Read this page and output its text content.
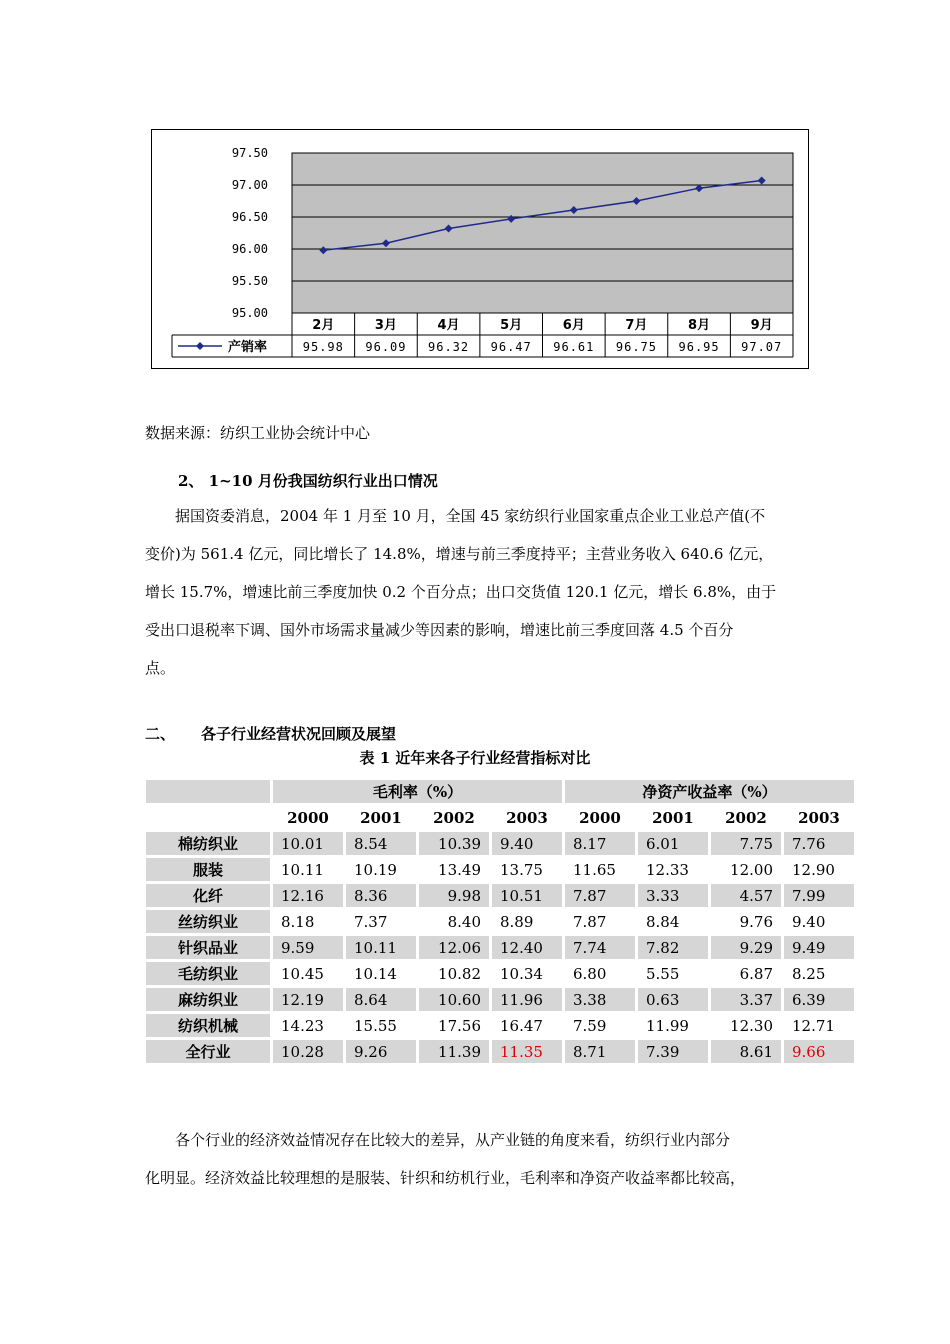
97.50
97.00
96.50
96.00
95.50
95.00
2月	3月	4月	5月	6月	7月	8月	9月
95.98 96.09 96.32 96.47 96.61 96.75 96.95 97.07
产销率
数据来源：纺织工业协会统计中心
2、 1~10 月份我国纺织行业出口情况
据国资委消息，2004 年 1 月至 10 月，全国 45 家纺织行业国家重点企业工业总产值(不
变价)为 561.4 亿元，同比增长了 14.8%，增速与前三季度持平；主营业务收入 640.6 亿元，
增长 15.7%，增速比前三季度加快 0.2 个百分点；出口交货值 120.1 亿元，增长 6.8%，由于
受出口退税率下调、国外市场需求量减少等因素的影响，增速比前三季度回落 4.5 个百分
点。
二、 各子行业经营状况回顾及展望
表 1 近年来各子行业经营指标对比
	毛利率（%）				净资产收益率（%）			
	2000	2001	2002	2003	2000	2001	2002	2003
棉纺织业	10.01	8.54	10.39	9.40	8.17	6.01	7.75	7.76
服装	10.11	10.19	13.49	13.75	11.65	12.33	12.00	12.90
化纤	12.16	8.36	9.98	10.51	7.87	3.33	4.57	7.99
丝纺织业	8.18	7.37	8.40	8.89	7.87	8.84	9.76	9.40
针织品业	9.59	10.11	12.06	12.40	7.74	7.82	9.29	9.49
毛纺织业	10.45	10.14	10.82	10.34	6.80	5.55	6.87	8.25
麻纺织业	12.19	8.64	10.60	11.96	3.38	0.63	3.37	6.39
纺织机械	14.23	15.55	17.56	16.47	7.59	11.99	12.30	12.71
全行业	10.28	9.26	11.39	11.35	8.71	7.39	8.61	9.66
各个行业的经济效益情况存在比较大的差异，从产业链的角度来看，纺织行业内部分
化明显。经济效益比较理想的是服装、针织和纺机行业，毛利率和净资产收益率都比较高，
